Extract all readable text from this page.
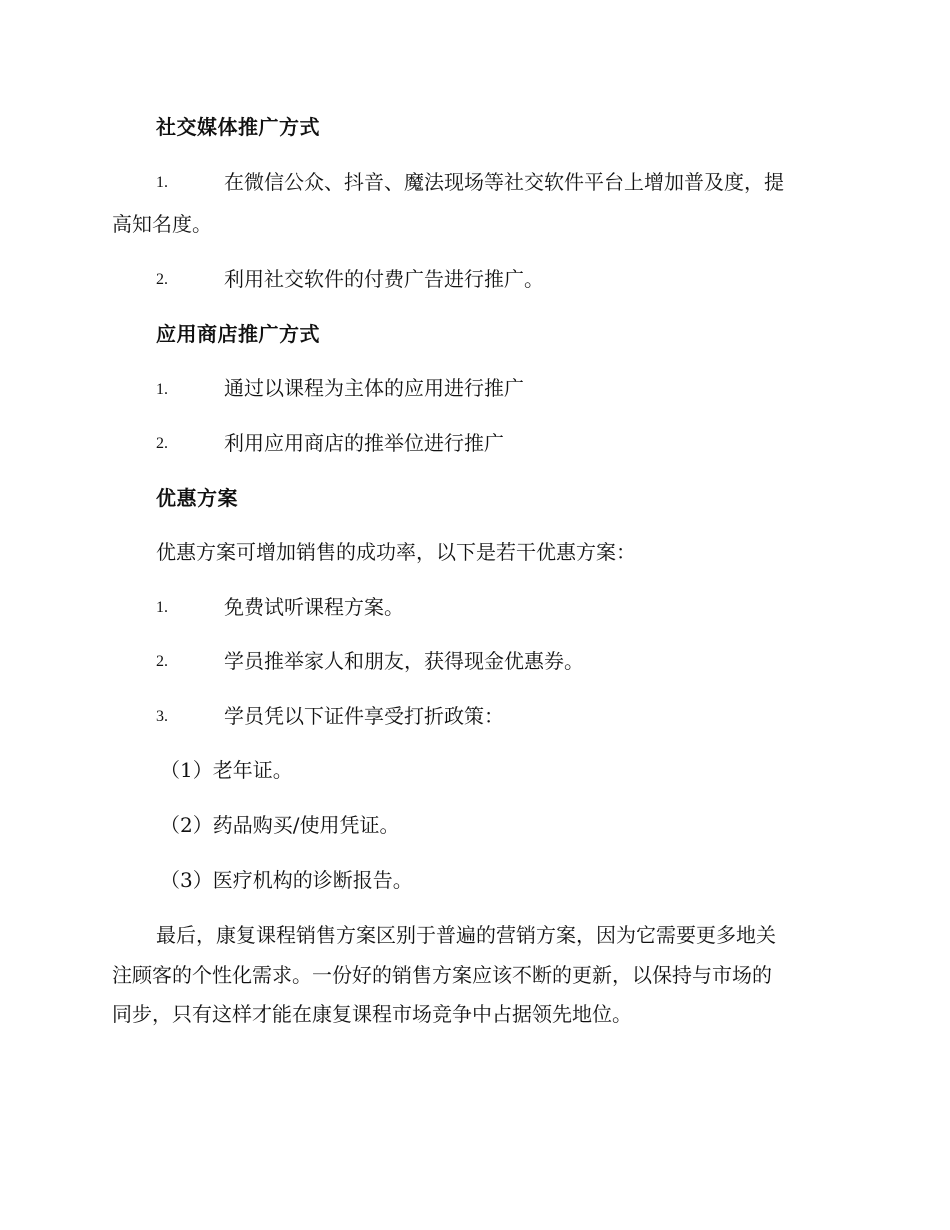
社交媒体推广方式
1.	在微信公众、抖音、魔法现场等社交软件平台上增加普及度，提
高知名度。
2.	利用社交软件的付费广告进行推广。
应用商店推广方式
1.	通过以课程为主体的应用进行推广
2.	利用应用商店的推举位进行推广
优惠方案
优惠方案可增加销售的成功率，以下是若干优惠方案：
1.	免费试听课程方案。
2.	学员推举家人和朋友，获得现金优惠券。
3.	学员凭以下证件享受打折政策：
（1）老年证。
（2）药品购买/使用凭证。
（3）医疗机构的诊断报告。
最后，康复课程销售方案区别于普遍的营销方案，因为它需要更多地关
注顾客的个性化需求。一份好的销售方案应该不断的更新，以保持与市场的
同步，只有这样才能在康复课程市场竞争中占据领先地位。
